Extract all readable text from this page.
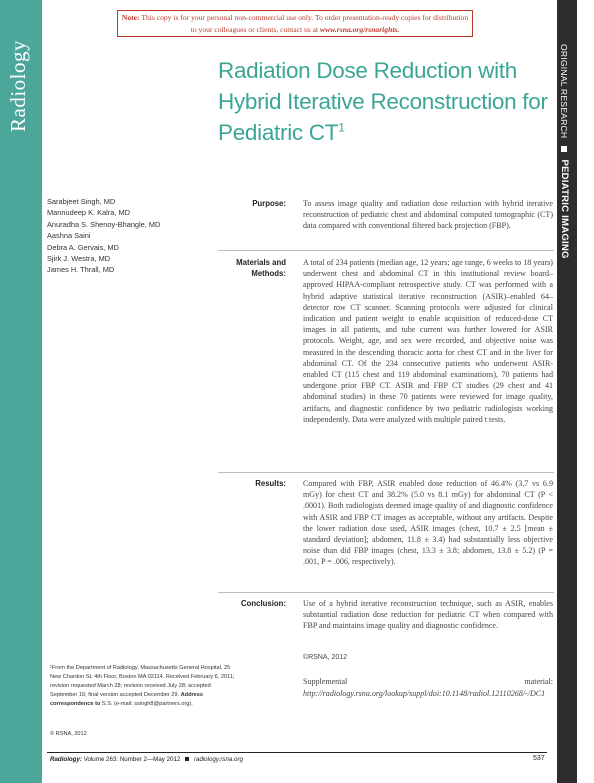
Note: This copy is for your personal non-commercial use only. To order presentation-ready copies for distribution to your colleagues or clients, contact us at www.rsna.org/rsnarights.
Radiology	ORIGINAL RESEARCH  PEDIATRIC IMAGING
Radiation Dose Reduction with Hybrid Iterative Reconstruction for Pediatric $CT^1$
Sarabjeet Singh, MD
Mannudeep K. Kalra, MD
Anuradha S. Shenoy-Bhangle, MD
Aashna Saini
Debra A. Gervais, MD
Sjirk J. Westra, MD
James H. Thrall, MD
Purpose: To assess image quality and radiation dose reduction with hybrid iterative reconstruction of pediatric chest and abdominal computed tomographic (CT) data compared with conventional filtered back projection (FBP).
Materials and
Methods:
A total of 234 patients (median age, 12 years; age range, 6 weeks to 18 years) underwent chest and abdominal CT in this institutional review board–approved HIPAA-compliant retrospective study. CT was performed with a hybrid adaptive statistical iterative reconstruction (ASIR)–enabled 64–detector row CT scanner. Scanning protocols were adjusted for clinical indication and patient weight to enable acquisition of reduced-dose CT images in all patients, and tube current was further lowered for ASIR protocols. Weight, age, and sex were recorded, and objective noise was measured in the descending thoracic aorta for chest CT and in the liver for abdominal CT. Of the 234 consecutive patients who underwent ASIR-enabled CT (115 chest and 119 abdominal examinations), 70 patients had undergone prior FBP CT. ASIR and FBP CT studies (29 chest and 41 abdominal studies) in these 70 patients were reviewed for image quality, artifacts, and diagnostic confidence by two pediatric radiologists working independently. Data were analyzed with multiple paired t tests.
Results: Compared with FBP, ASIR enabled dose reduction of 46.4% (3.7 vs 6.9 mGy) for chest CT and 38.2% (5.0 vs 8.1 mGy) for abdominal CT (P < .0001). Both radiologists deemed image quality of and diagnostic confidence with ASIR and FBP CT images as acceptable, without any artifacts. Despite the lower radiation dose used, ASIR images (chest, 10.7 ± 2.5 [mean ± standard deviation]; abdomen, 11.8 ± 3.4) had substantially less objective noise than did FBP images (chest, 13.3 ± 3.8; abdomen, 13.8 ± 5.2) (P = .001, P = .006, respectively).
Conclusion: Use of a hybrid iterative reconstruction technique, such as ASIR, enables substantial radiation dose reduction for pediatric CT when compared with FBP and maintains image quality and diagnostic confidence.
©RSNA, 2012
Supplemental material: http://radiology.rsna.org/lookup/suppl/doi:10.1148/radiol.12110268/-/DC1
¹From the Department of Radiology, Massachusetts General Hospital, 25 New Chardon St, 4th Floor, Boston MA 02114. Received February 6, 2011; revision requested March 28; revision received July 28; accepted September 16; final version accepted December 29. Address correspondence to S.S. (e-mail: ssingh8@partners.org).
© RSNA, 2012
Radiology: Volume 263: Number 2—May 2012 radiology.rsna.org	537
